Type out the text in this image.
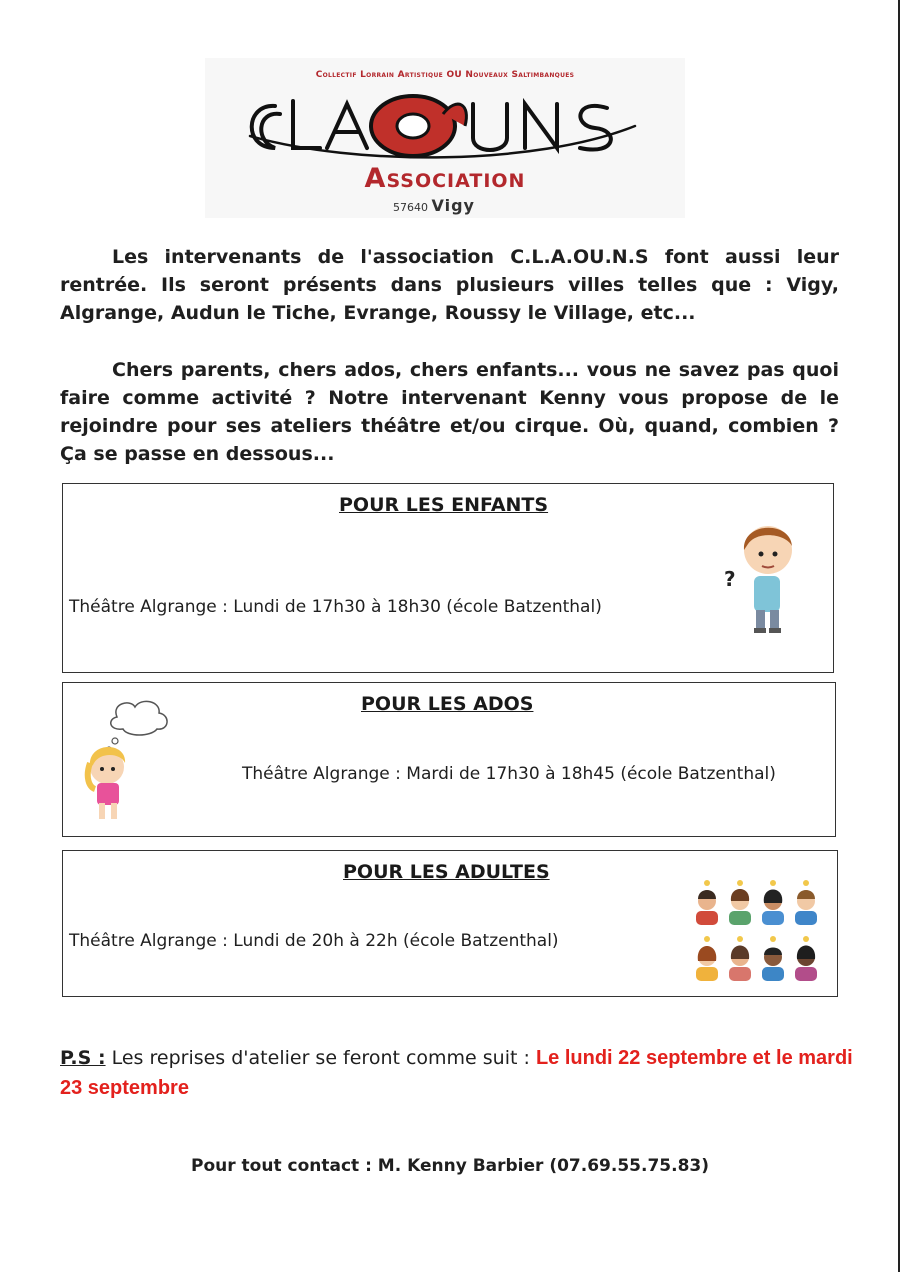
Collectif Lorrain Artistique OU Nouveaux Saltimbanques
Association
57640 Vigy

Les intervenants de l'association C.L.A.OU.N.S font aussi leur rentrée. Ils seront présents dans plusieurs villes telles que : Vigy, Algrange, Audun le Tiche, Evrange, Roussy le Village, etc...

Chers parents, chers ados, chers enfants... vous ne savez pas quoi faire comme activité ? Notre intervenant Kenny vous propose de le rejoindre pour ses ateliers théâtre et/ou cirque. Où, quand, combien ? Ça se passe en dessous...

POUR LES ENFANTS
Théâtre Algrange : Lundi de 17h30 à 18h30 (école Batzenthal)
?
POUR LES ADOS
Théâtre Algrange : Mardi de 17h30 à 18h45 (école Batzenthal)
POUR LES ADULTES
Théâtre Algrange : Lundi de 20h à 22h (école Batzenthal)
P.S : Les reprises d'atelier se feront comme suit : Le lundi 22 septembre et le mardi 23 septembre
Pour tout contact : M. Kenny Barbier (07.69.55.75.83)
